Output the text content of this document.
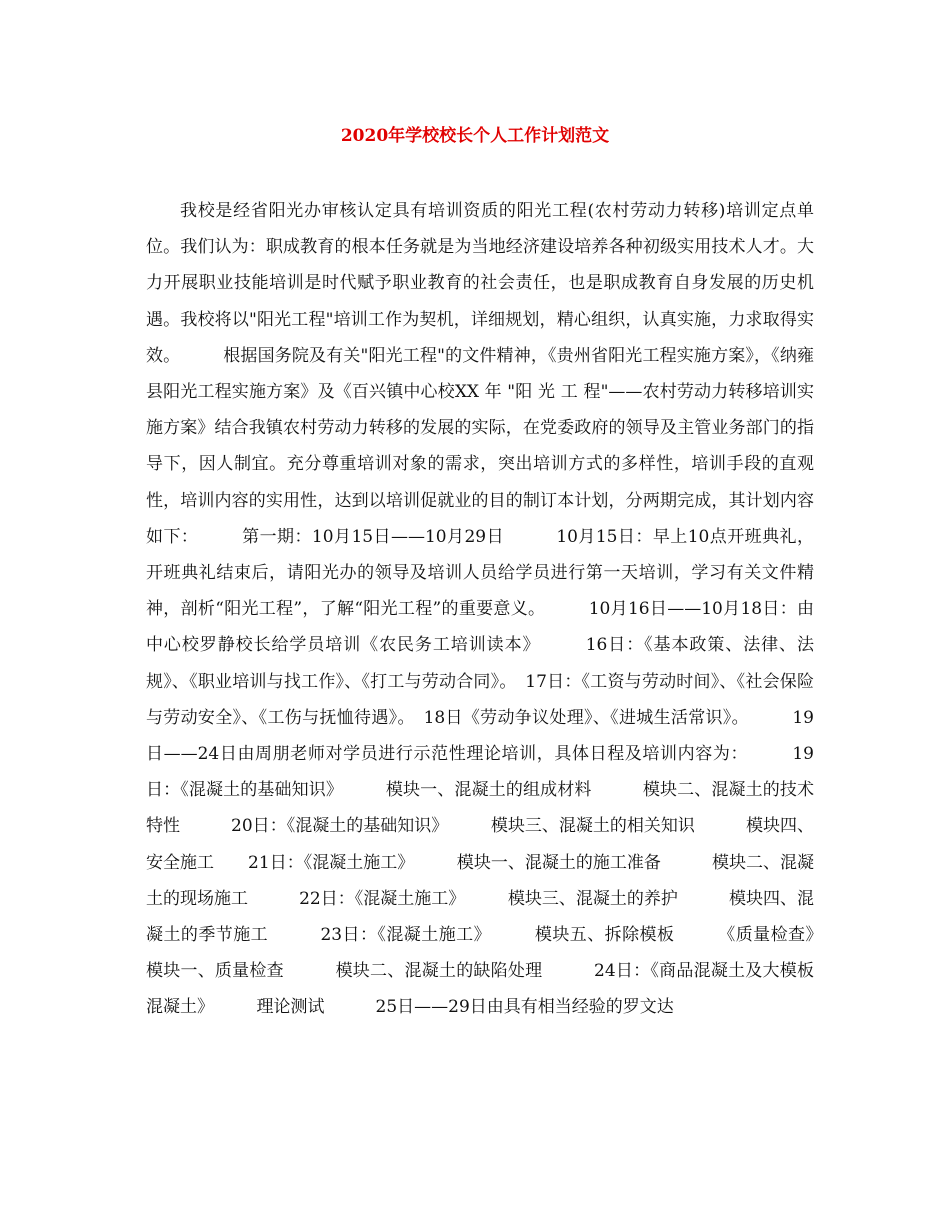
2020年学校校长个人工作计划范文

我校是经省阳光办审核认定具有培训资质的阳光工程(农村劳动力转移)培训定点单位。我们认为：职成教育的根本任务就是为当地经济建设培养各种初级实用技术人才。大力开展职业技能培训是时代赋予职业教育的社会责任，也是职成教育自身发展的历史机遇。我校将以"阳光工程"培训工作为契机，详细规划，精心组织，认真实施，力求取得实效。　　　根据国务院及有关"阳光工程"的文件精神，《贵州省阳光工程实施方案》，《纳雍县阳光工程实施方案》及《百兴镇中心校XX 年 "阳 光 工 程"——农村劳动力转移培训实施方案》结合我镇农村劳动力转移的发展的实际，在党委政府的领导及主管业务部门的指导下，因人制宜。充分尊重培训对象的需求，突出培训方式的多样性，培训手段的直观性，培训内容的实用性，达到以培训促就业的目的制订本计划，分两期完成，其计划内容如下：　　　第一期：10月15日——10月29日　　　10月15日：早上10点开班典礼，开班典礼结束后，请阳光办的领导及培训人员给学员进行第一天培训，学习有关文件精神，剖析“阳光工程”，了解“阳光工程”的重要意义。　　　10月16日——10月18日：由中心校罗静校长给学员培训《农民务工培训读本》　　　16日：《基本政策、法律、法规》、《职业培训与找工作》、《打工与劳动合同》。　17日：《工资与劳动时间》、《社会保险与劳动安全》、《工伤与抚恤待遇》。　18日《劳动争议处理》、《进城生活常识》。　　　19日——24日由周朋老师对学员进行示范性理论培训，具体日程及培训内容为：　　　19日：《混凝土的基础知识》　　　模块一、混凝土的组成材料　　　模块二、混凝土的技术特性　　　20日：《混凝土的基础知识》　　　模块三、混凝土的相关知识　　　模块四、安全施工　　21日：《混凝土施工》　　　模块一、混凝土的施工准备　　　模块二、混凝土的现场施工　　　22日：《混凝土施工》　　　模块三、混凝土的养护　　　模块四、混凝土的季节施工　　　23日：《混凝土施工》　　　模块五、拆除模板　　　《质量检查》　　　模块一、质量检查　　　模块二、混凝土的缺陷处理　　　24日：《商品混凝土及大模板混凝土》　　　理论测试　　　25日——29日由具有相当经验的罗文达
